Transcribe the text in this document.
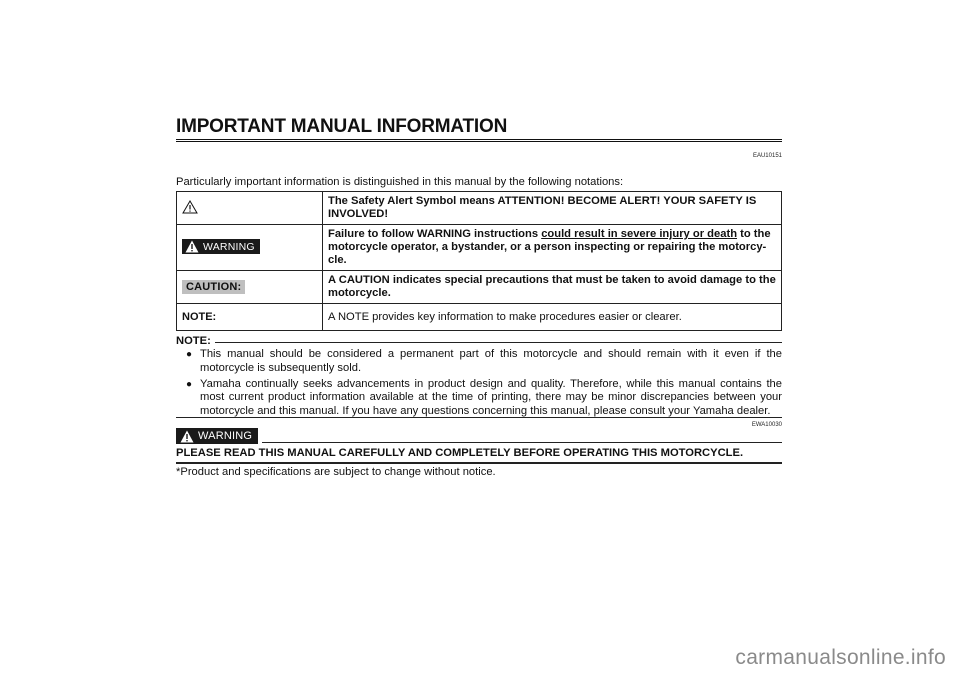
IMPORTANT MANUAL INFORMATION
EAU10151
Particularly important information is distinguished in this manual by the following notations:
	The Safety Alert Symbol means ATTENTION! BECOME ALERT! YOUR SAFETY IS INVOLVED!

WARNING	Failure to follow WARNING instructions could result in severe injury or death to the motorcycle operator, a bystander, or a person inspecting or repairing the motorcy-cle.
CAUTION:	A CAUTION indicates special precautions that must be taken to avoid damage to the motorcycle.
NOTE:	A NOTE provides key information to make procedures easier or clearer.
NOTE:
● This manual should be considered a permanent part of this motorcycle and should remain with it even if the motorcycle is subsequently sold.
● Yamaha continually seeks advancements in product design and quality. Therefore, while this manual contains the most current product information available at the time of printing, there may be minor discrepancies between your motorcycle and this manual. If you have any questions concerning this manual, please consult your Yamaha dealer.
EWA10030
WARNING
PLEASE READ THIS MANUAL CAREFULLY AND COMPLETELY BEFORE OPERATING THIS MOTORCYCLE.
*Product and specifications are subject to change without notice.
carmanualsonline.info
